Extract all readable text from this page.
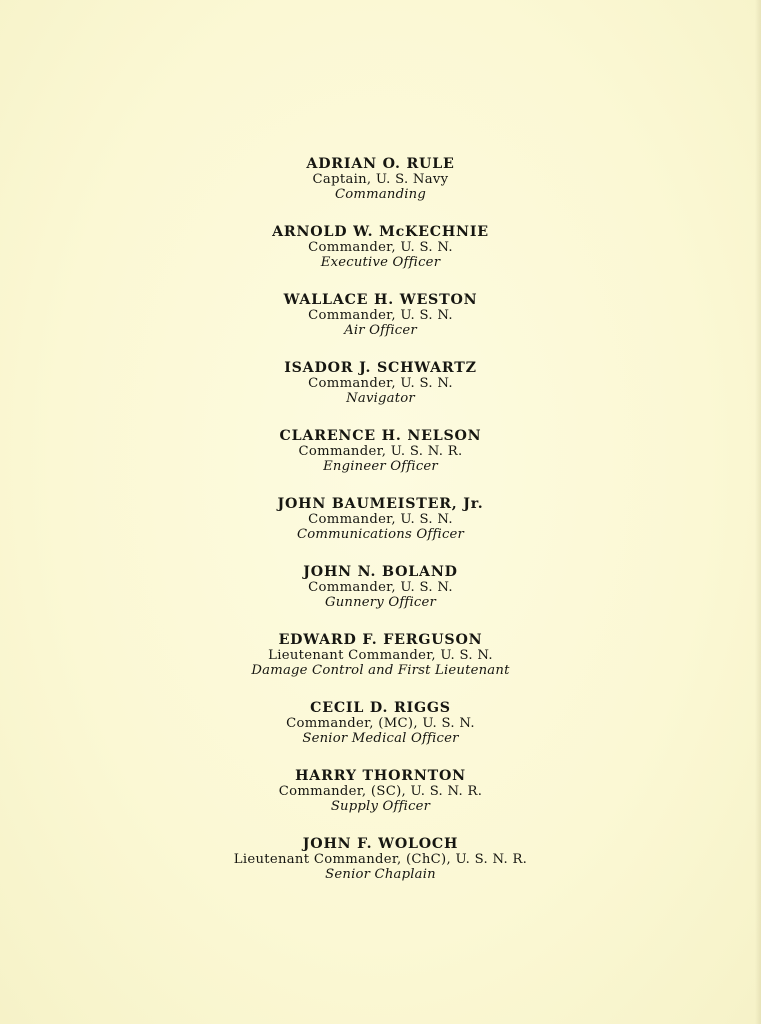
ADRIAN O. RULE

Captain, U. S. Navy

Commanding

ARNOLD W. McKECHNIE

Commander, U. S. N.

Executive Officer

WALLACE H. WESTON

Commander, U. S. N.

Air Officer

ISADOR J. SCHWARTZ

Commander, U. S. N.

Navigator

CLARENCE H. NELSON

Commander, U. S. N. R.

Engineer Officer

JOHN BAUMEISTER, Jr.

Commander, U. S. N.

Communications Officer

JOHN N. BOLAND

Commander, U. S. N.

Gunnery Officer

EDWARD F. FERGUSON

Lieutenant Commander, U. S. N.

Damage Control and First Lieutenant

CECIL D. RIGGS

Commander, (MC), U. S. N.

Senior Medical Officer

HARRY THORNTON

Commander, (SC), U. S. N. R.

Supply Officer

JOHN F. WOLOCH

Lieutenant Commander, (ChC), U. S. N. R.

Senior Chaplain
